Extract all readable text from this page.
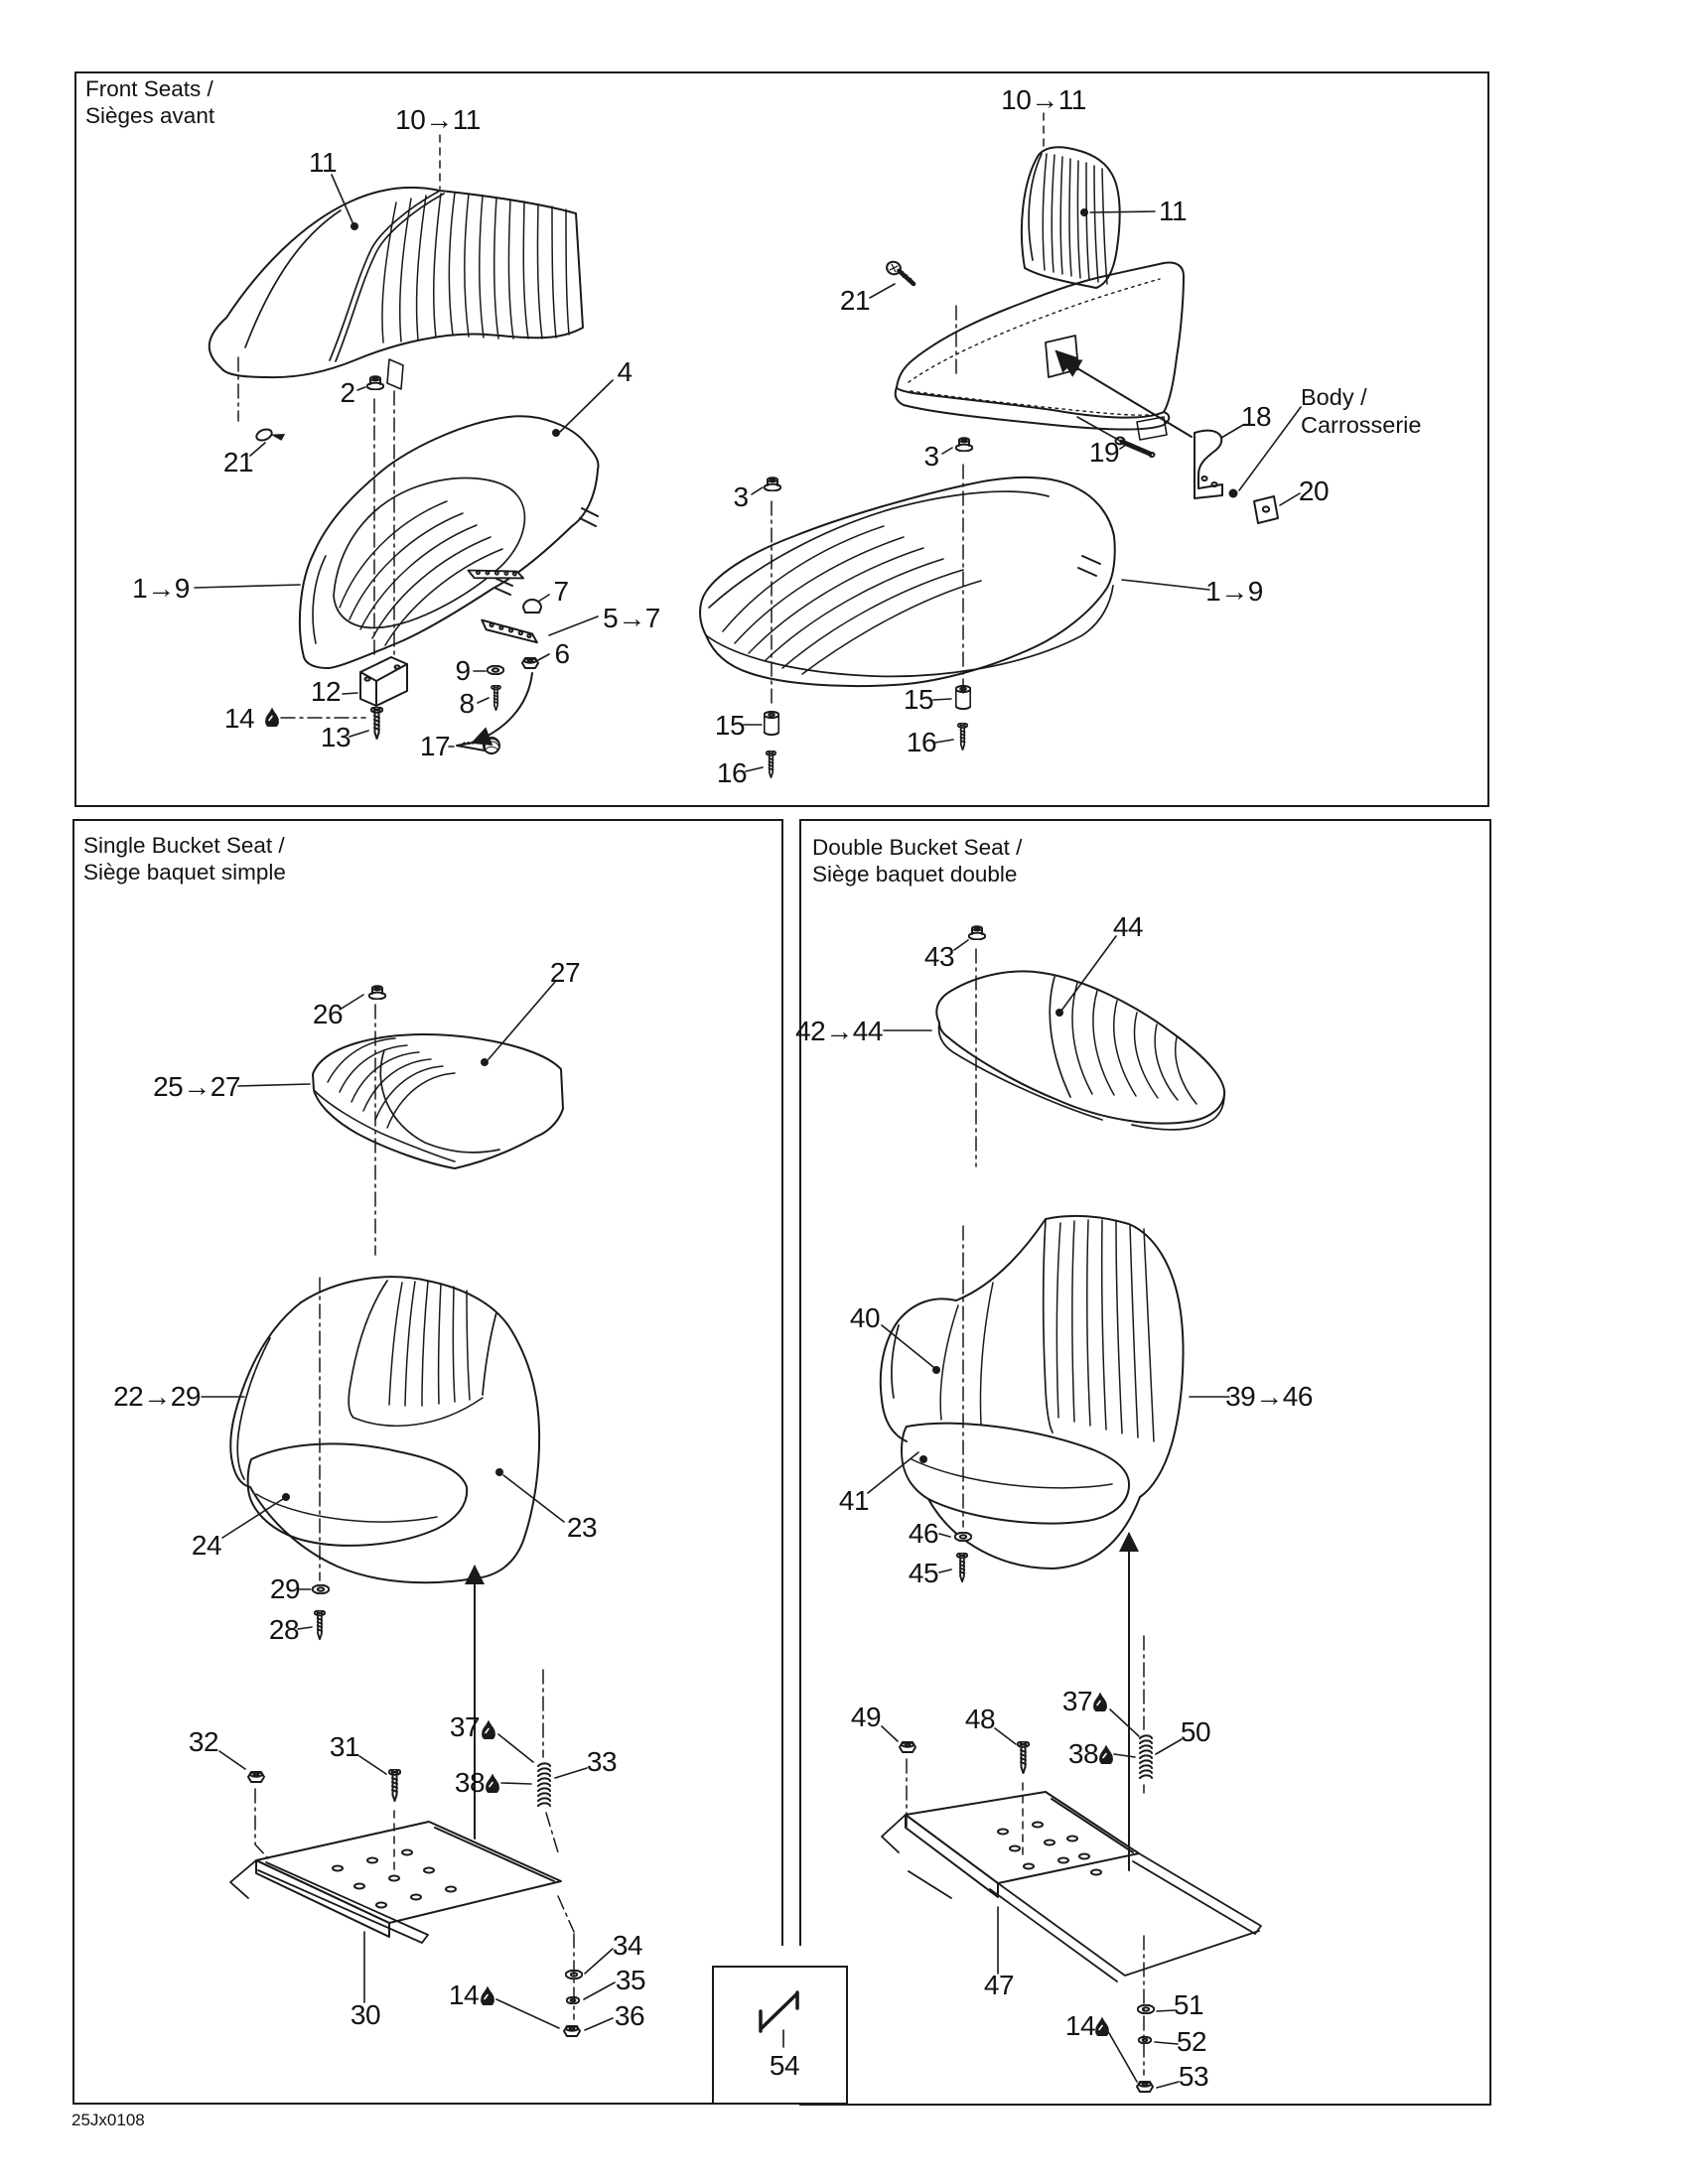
Front Seats /
Sièges avant
Single Bucket Seat /
Siège baquet simple
Double Bucket Seat /
Siège baquet double
Body /
Carrosserie
25Jx0108
10→11
11
2
21
4
1→9
12
14
13 17
8
9
7
5→7
6
10→11
11
21
3
3	19
18
20
1→9
15
16
15
16
26
27
25→27
22→29
24
23
29
28
32	31
37
38
33
30
34
35
36
14
43
44
42→44
40
39→46
41
46
45
49	48
37
38
50
47
51
52
53
14
54
